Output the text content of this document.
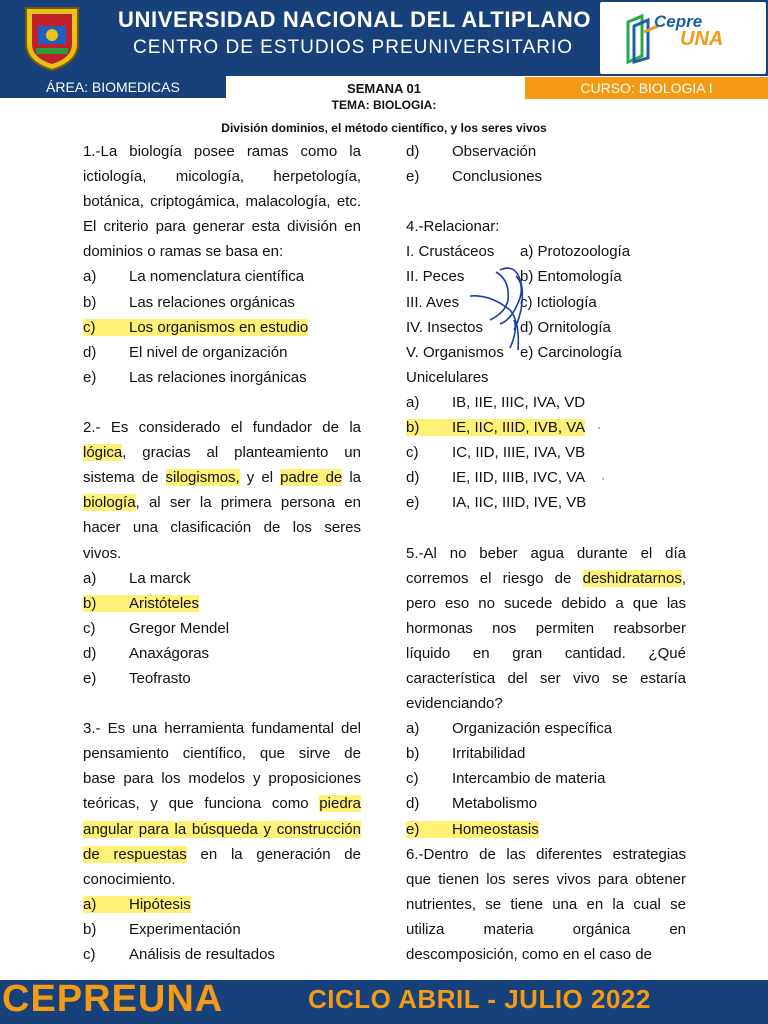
UNIVERSIDAD NACIONAL DEL ALTIPLANO
CENTRO DE ESTUDIOS PREUNIVERSITARIO
Cepre
UNA
ÁREA: BIOMEDICAS	CURSO: BIOLOGIA I
SEMANA 01
TEMA: BIOLOGIA:
División dominios, el método científico, y los seres vivos
1.-La biología posee ramas como la
ictiología, micología, herpetología,
botánica, criptogámica, malacología, etc.
El criterio para generar esta división en
dominios o ramas se basa en:
a) La nomenclatura científica
b) Las relaciones orgánicas
c) Los organismos en estudio
d) El nivel de organización
e) Las relaciones inorgánicas
2.- Es considerado el fundador de la
lógica, gracias al planteamiento un
sistema de silogismos, y el padre de la
biología, al ser la primera persona en
hacer una clasificación de los seres
vivos.
a) La marck
b) Aristóteles
c) Gregor Mendel
d) Anaxágoras
e) Teofrasto
3.- Es una herramienta fundamental del
pensamiento científico, que sirve de
base para los modelos y proposiciones
teóricas, y que funciona como piedra
angular para la búsqueda y construcción
de respuestas en la generación de
conocimiento.
a) Hipótesis
b) Experimentación
c) Análisis de resultados
d) Observación
e) Conclusiones
4.-Relacionar:
I. Crustáceos a) Protozoología
II. Peces	b) Entomología
III. Aves	c) Ictiología
IV. Insectos d) Ornitología
V. Organismos e) Carcinología
Unicelulares
a) IB, IIE, IIIC, IVA, VD
b) IE, IIC, IIID, IVB, VA
c) IC, IID, IIIE, IVA, VB
d) IE, IID, IIIB, IVC, VA
e) IA, IIC, IIID, IVE, VB
5.-Al no beber agua durante el día
corremos el riesgo de deshidratarnos,
pero eso no sucede debido a que las
hormonas nos permiten reabsorber
líquido en gran cantidad. ¿Qué
característica del ser vivo se estaría
evidenciando?
a) Organización específica
b) Irritabilidad
c) Intercambio de materia
d) Metabolismo
e) Homeostasis
6.-Dentro de las diferentes estrategias
que tienen los seres vivos para obtener
nutrientes, se tiene una en la cual se
utiliza materia orgánica en
descomposición, como en el caso de
·
·
CEPREUNA	CICLO ABRIL - JULIO 2022
